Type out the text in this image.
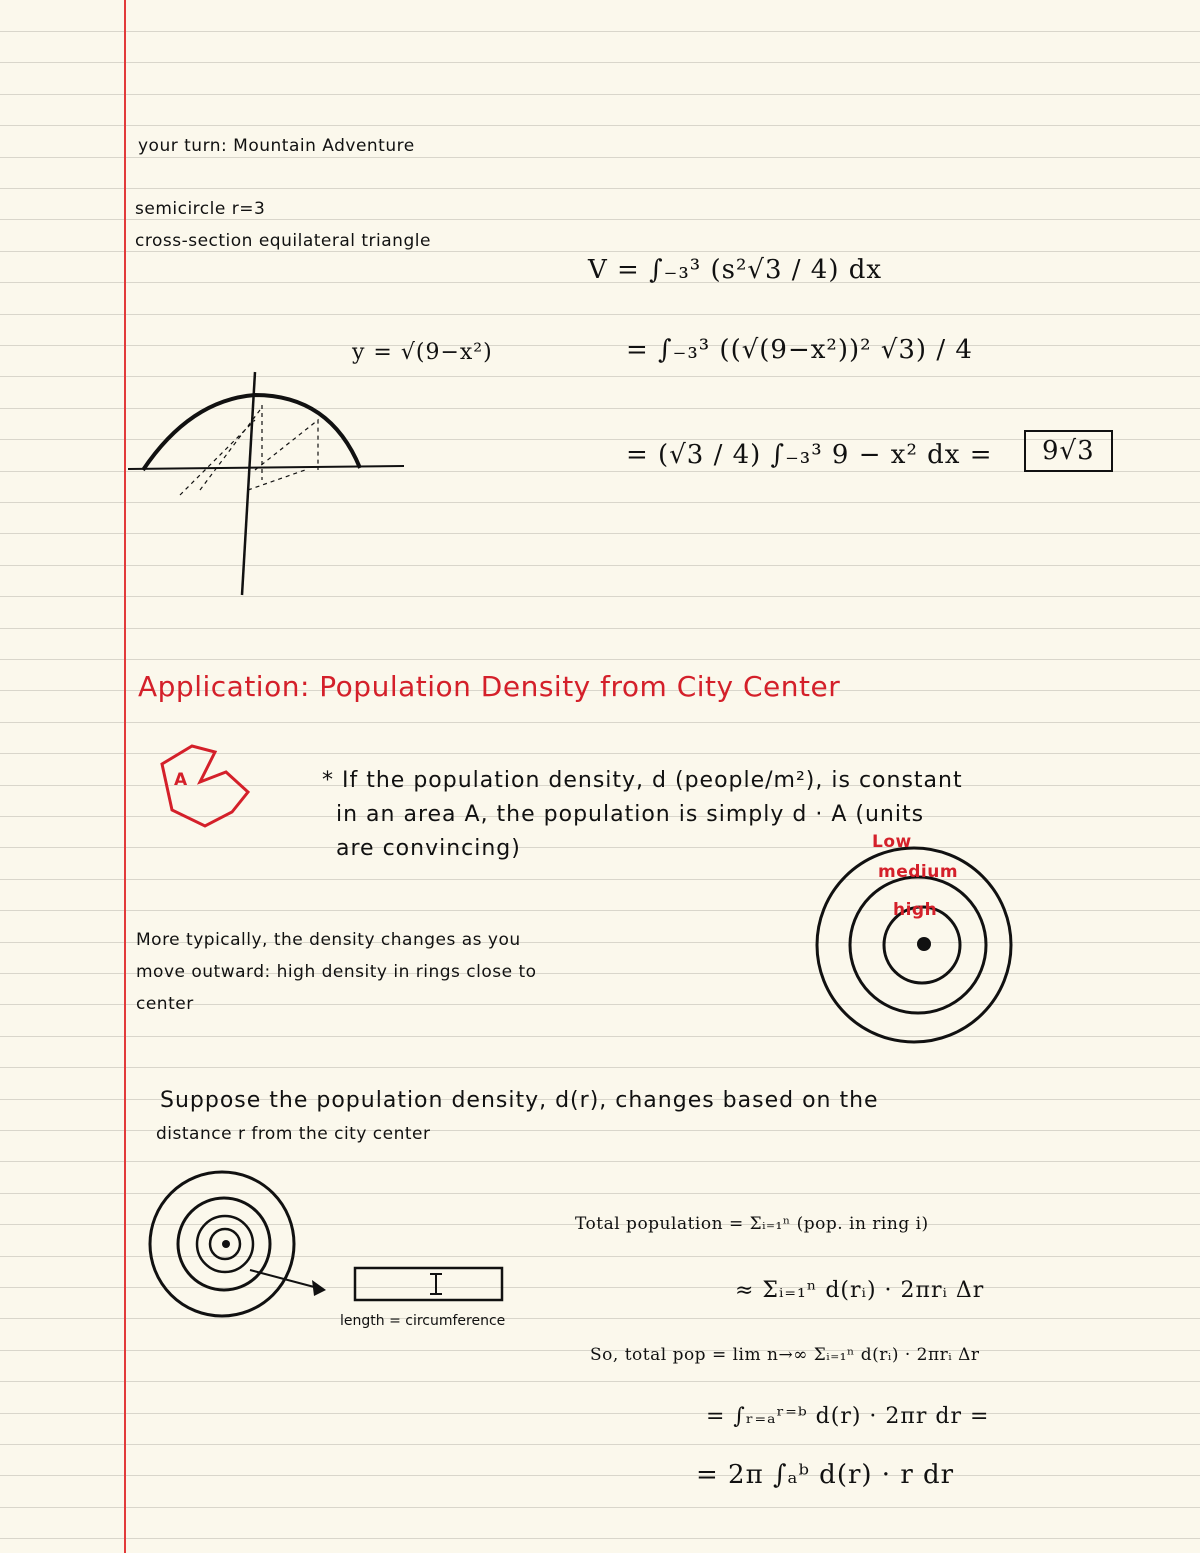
your turn: Mountain Adventure
semicircle r=3
cross-section equilateral triangle
y = √(9−x²)
V = ∫₋₃³ (s²√3 / 4) dx
= ∫₋₃³ ((√(9−x²))² √3) / 4
= (√3 / 4) ∫₋₃³ 9 − x² dx =	9√3
Application: Population Density from City Center
A	* If the population density, d (people/m²), is constant
in an area A, the population is simply d · A (units
are convincing)	Low
medium
high
More typically, the density changes as you
move outward: high density in rings close to
center
Suppose the population density, d(r), changes based on the
distance r from the city center
length = circumference
Total population = Σᵢ₌₁ⁿ (pop. in ring i)
≈ Σᵢ₌₁ⁿ d(rᵢ) · 2πrᵢ Δr
So, total pop = lim n→∞ Σᵢ₌₁ⁿ d(rᵢ) · 2πrᵢ Δr
= ∫ᵣ₌ₐʳ⁼ᵇ d(r) · 2πr dr =
= 2π ∫ₐᵇ d(r) · r dr
